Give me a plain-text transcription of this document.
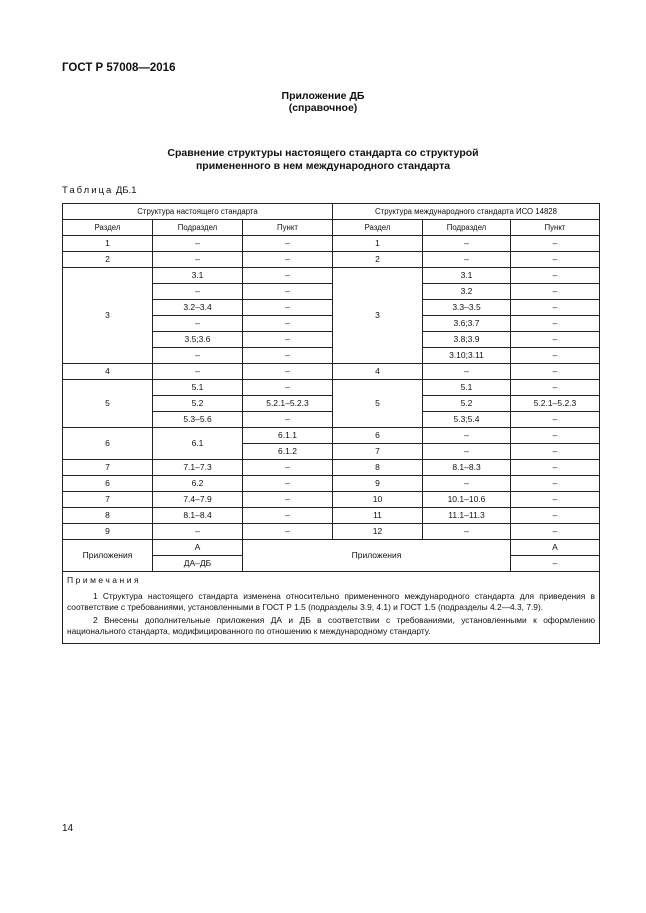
ГОСТ Р 57008—2016
Приложение ДБ
(справочное)
Сравнение структуры настоящего стандарта со структурой
примененного в нем международного стандарта
Таблица ДБ.1
Структура настоящего стандарта			Структура международного стандарта ИСО 14828		
Раздел	Подраздел	Пункт	Раздел	Подраздел	Пункт
1	–	–	1	–	–
2	–	–	2	–	–
3	3.1	–	3	3.1	–
	–	–		3.2	–
	3.2–3.4	–		3.3–3.5	–
	–	–		3.6;3.7	–
	3.5;3.6	–		3.8;3.9	–
	–	–		3.10;3.11	–
4	–	–	4	–	–
5	5.1	–	5	5.1	–
	5.2	5.2.1–5.2.3		5.2	5.2.1–5.2.3
	5.3–5.6	–		5.3;5.4	–
6	6.1	6.1.1	6	–	–
		6.1.2	7	–	–
7	7.1–7.3	–	8	8.1–8.3	–
6	6.2	–	9	–	–
7	7.4–7.9	–	10	10.1–10.6	–
8	8.1–8.4	–	11	11.1–11.3	–
9	–	–	12	–	–
Приложения	А	Приложения			А
	ДА–ДБ				–

Примечания

1 Структура настоящего стандарта изменена относительно примененного международного стандарта для приведения в соответствие с требованиями, установленными в ГОСТ Р 1.5 (подразделы 3.9, 4.1) и ГОСТ 1.5 (подразделы 4.2—4.3, 7.9).

2 Внесены дополнительные приложения ДА и ДБ в соответствии с требованиями, установленными к оформлению национального стандарта, модифицированного по отношению к международному стандарту.					

14
